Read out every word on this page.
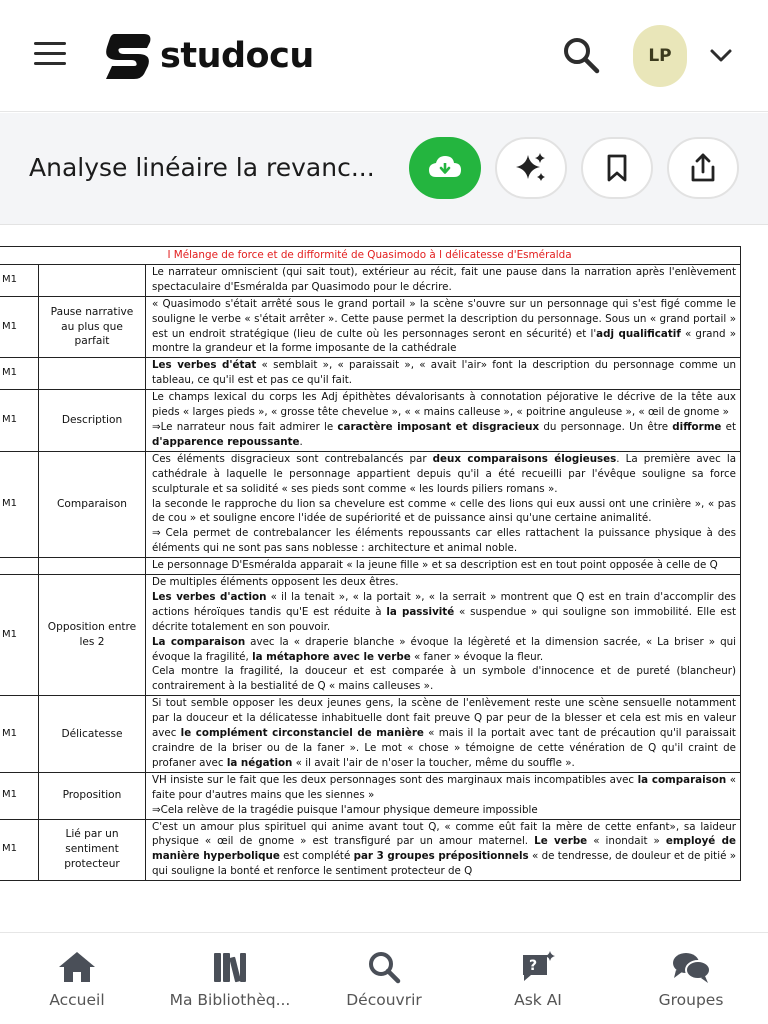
studocu	LP
Analyse linéaire la revanc...
I Mélange de force et de difformité de Quasimodo à l délicatesse d'Esméralda		
M1		Le narrateur omniscient (qui sait tout), extérieur au récit, fait une pause dans la narration après l'enlèvement spectaculaire d'Esméralda par Quasimodo pour le décrire.
M1	Pause narrative au plus que parfait	« Quasimodo s'était arrêté sous le grand portail » la scène s'ouvre sur un personnage qui s'est figé comme le souligne le verbe « s'était arrêter ». Cette pause permet la description du personnage. Sous un « grand portail » est un endroit stratégique (lieu de culte où les personnages seront en sécurité) et l'adj qualificatif « grand » montre la grandeur et la forme imposante de la cathédrale
M1		Les verbes d'état « semblait », « paraissait », « avait l'air» font la description du personnage comme un tableau, ce qu'il est et pas ce qu'il fait.
M1	Description	Le champs lexical du corps les Adj épithètes dévalorisants à connotation péjorative le décrive de la tête aux pieds « larges pieds », « grosse tête chevelue », « « mains calleuse », « poitrine anguleuse », « œil de gnome »
⇒Le narrateur nous fait admirer le caractère imposant et disgracieux du personnage. Un être difforme et d'apparence repoussante.
M1	Comparaison	Ces éléments disgracieux sont contrebalancés par deux comparaisons élogieuses. La première avec la cathédrale à laquelle le personnage appartient depuis qu'il a été recueilli par l'évêque souligne sa force sculpturale et sa solidité « ses pieds sont comme « les lourds piliers romans ».
la seconde le rapproche du lion sa chevelure est comme « celle des lions qui eux aussi ont une crinière », « pas de cou » et souligne encore l'idée de supériorité et de puissance ainsi qu'une certaine animalité.
⇒ Cela permet de contrebalancer les éléments repoussants car elles rattachent la puissance physique à des éléments qui ne sont pas sans noblesse : architecture et animal noble.
		Le personnage D'Esméralda apparait « la jeune fille » et sa description est en tout point opposée à celle de Q
M1	Opposition entre les 2	De multiples éléments opposent les deux êtres.
Les verbes d'action « il la tenait », « la portait », « la serrait » montrent que Q est en train d'accomplir des actions héroïques tandis qu'E est réduite à la passivité « suspendue » qui souligne son immobilité. Elle est décrite totalement en son pouvoir.
La comparaison avec la « draperie blanche » évoque la légèreté et la dimension sacrée, « La briser » qui évoque la fragilité, la métaphore avec le verbe « faner » évoque la fleur.
Cela montre la fragilité, la douceur et est comparée à un symbole d'innocence et de pureté (blancheur) contrairement à la bestialité de Q « mains calleuses ».
M1	Délicatesse	Si tout semble opposer les deux jeunes gens, la scène de l'enlèvement reste une scène sensuelle notamment par la douceur et la délicatesse inhabituelle dont fait preuve Q par peur de la blesser et cela est mis en valeur avec le complément circonstanciel de manière « mais il la portait avec tant de précaution qu'il paraissait craindre de la briser ou de la faner ». Le mot « chose » témoigne de cette vénération de Q qu'il craint de profaner avec la négation « il avait l'air de n'oser la toucher, même du souffle ».
M1	Proposition	VH insiste sur le fait que les deux personnages sont des marginaux mais incompatibles avec la comparaison « faite pour d'autres mains que les siennes »
⇒Cela relève de la tragédie puisque l'amour physique demeure impossible
M1	Lié par un sentiment protecteur	C'est un amour plus spirituel qui anime avant tout Q, « comme eût fait la mère de cette enfant», sa laideur physique « œil de gnome » est transfiguré par un amour maternel. Le verbe « inondait » employé de manière hyperbolique est complété par 3 groupes prépositionnels « de tendresse, de douleur et de pitié » qui souligne la bonté et renforce le sentiment protecteur de Q
Accueil	Ma Bibliothèq...	Découvrir
?
Ask AI	Groupes
